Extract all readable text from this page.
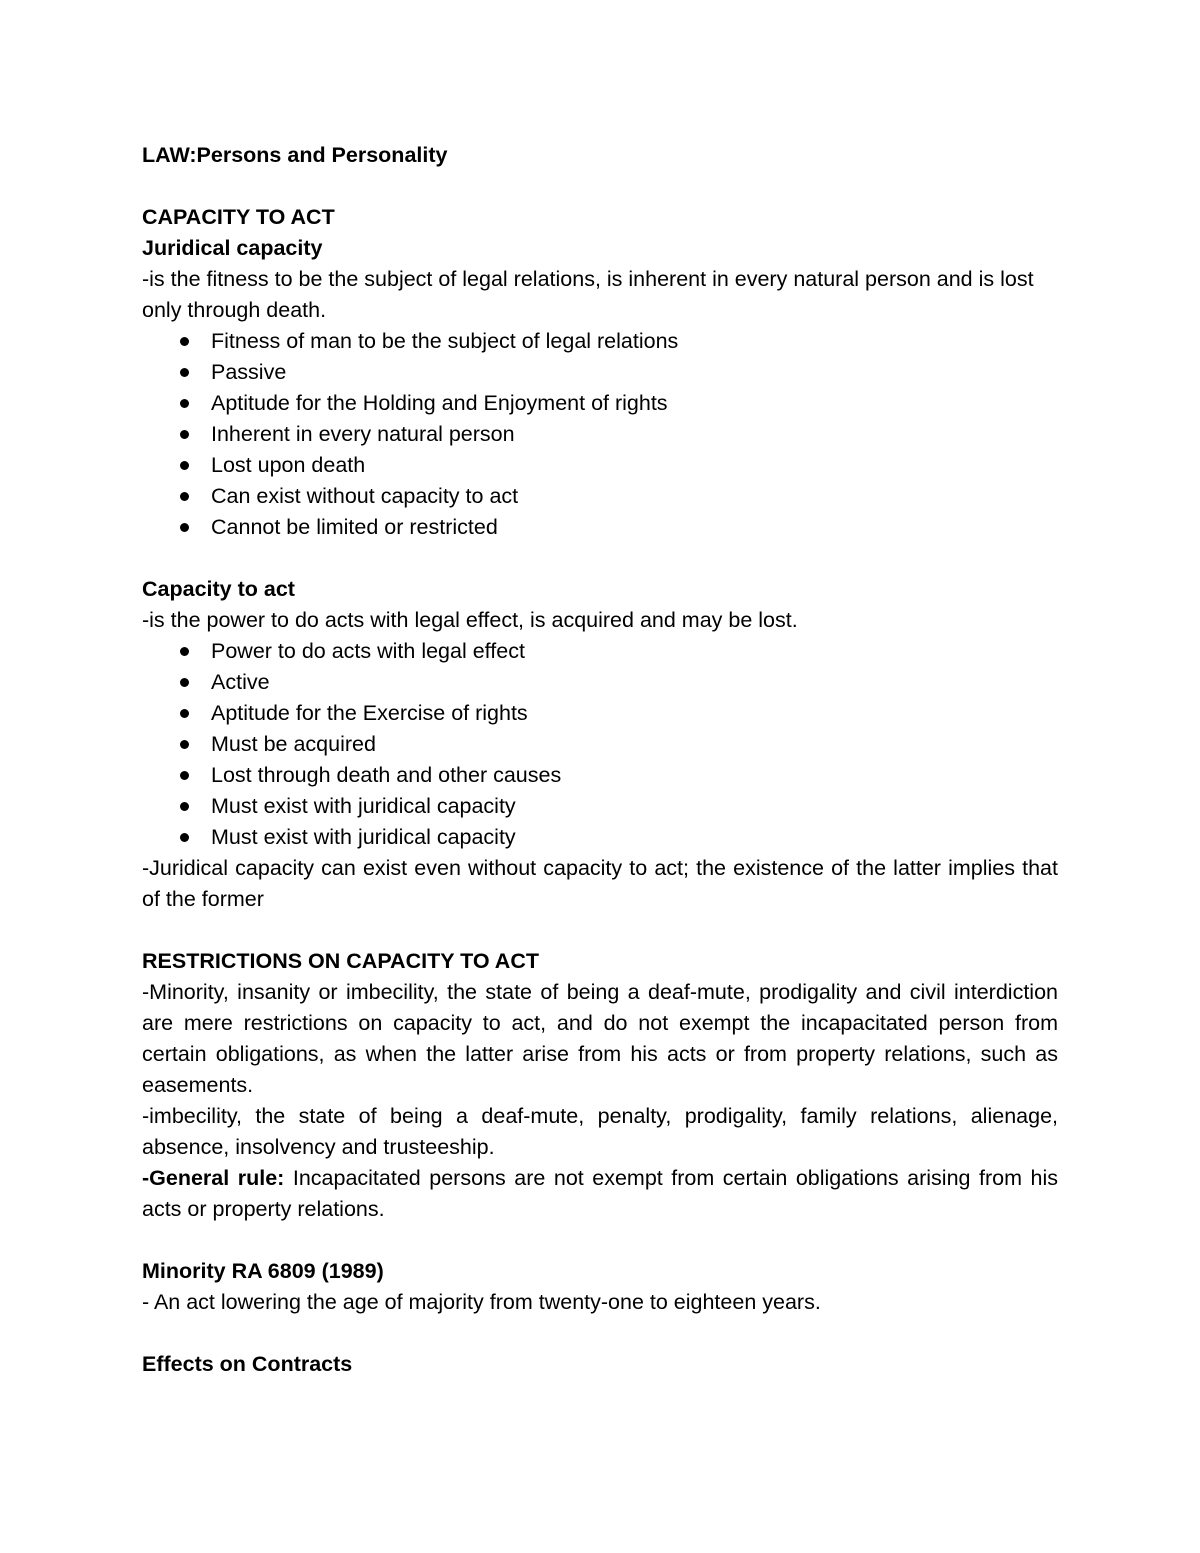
LAW:Persons and Personality

CAPACITY TO ACT

Juridical capacity

-is the fitness to be the subject of legal relations, is inherent in every natural person and is lost only through death.

Fitness of man to be the subject of legal relations
Passive
Aptitude for the Holding and Enjoyment of rights
Inherent in every natural person
Lost upon death
Can exist without capacity to act
Cannot be limited or restricted

Capacity to act

-is the power to do acts with legal effect, is acquired and may be lost.

Power to do acts with legal effect
Active
Aptitude for the Exercise of rights
Must be acquired
Lost through death and other causes
Must exist with juridical capacity
Must exist with juridical capacity

-Juridical capacity can exist even without capacity to act; the existence of the latter implies that of the former

RESTRICTIONS ON CAPACITY TO ACT

-Minority, insanity or imbecility, the state of being a deaf-mute, prodigality and civil interdiction are mere restrictions on capacity to act, and do not exempt the incapacitated person from certain obligations, as when the latter arise from his acts or from property relations, such as easements.

-imbecility, the state of being a deaf-mute, penalty, prodigality, family relations, alienage, absence, insolvency and trusteeship.

-General rule: Incapacitated persons are not exempt from certain obligations arising from his acts or property relations.

Minority RA 6809 (1989)

- An act lowering the age of majority from twenty-one to eighteen years.

Effects on Contracts
